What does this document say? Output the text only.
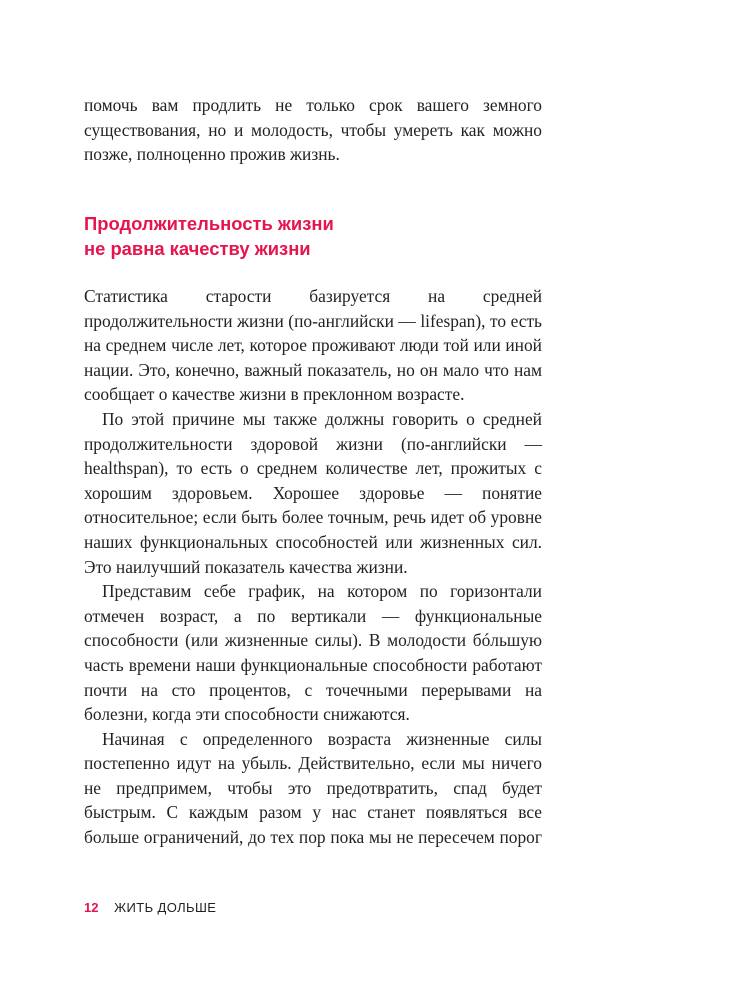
помочь вам продлить не только срок вашего земного существования, но и молодость, чтобы умереть как можно позже, полноценно прожив жизнь.

Продолжительность жизни
не равна качеству жизни

Статистика старости базируется на средней продолжительности жизни (по-английски — lifespan), то есть на среднем числе лет, которое проживают люди той или иной нации. Это, конечно, важный показатель, но он мало что нам сообщает о качестве жизни в преклонном возрасте.

По этой причине мы также должны говорить о средней продолжительности здоровой жизни (по-английски — healthspan), то есть о среднем количестве лет, прожитых с хорошим здоровьем. Хорошее здоровье — понятие относительное; если быть более точным, речь идет об уровне наших функциональных способностей или жизненных сил. Это наилучший показатель качества жизни.

Представим себе график, на котором по горизонтали отмечен возраст, а по вертикали — функциональные способности (или жизненные силы). В молодости бóльшую часть времени наши функциональные способности работают почти на сто процентов, с точечными перерывами на болезни, когда эти способности снижаются.

Начиная с определенного возраста жизненные силы постепенно идут на убыль. Действительно, если мы ничего не предпримем, чтобы это предотвратить, спад будет быстрым. С каждым разом у нас станет появляться все больше ограничений, до тех пор пока мы не пересечем порог

12 ЖИТЬ ДОЛЬШЕ
